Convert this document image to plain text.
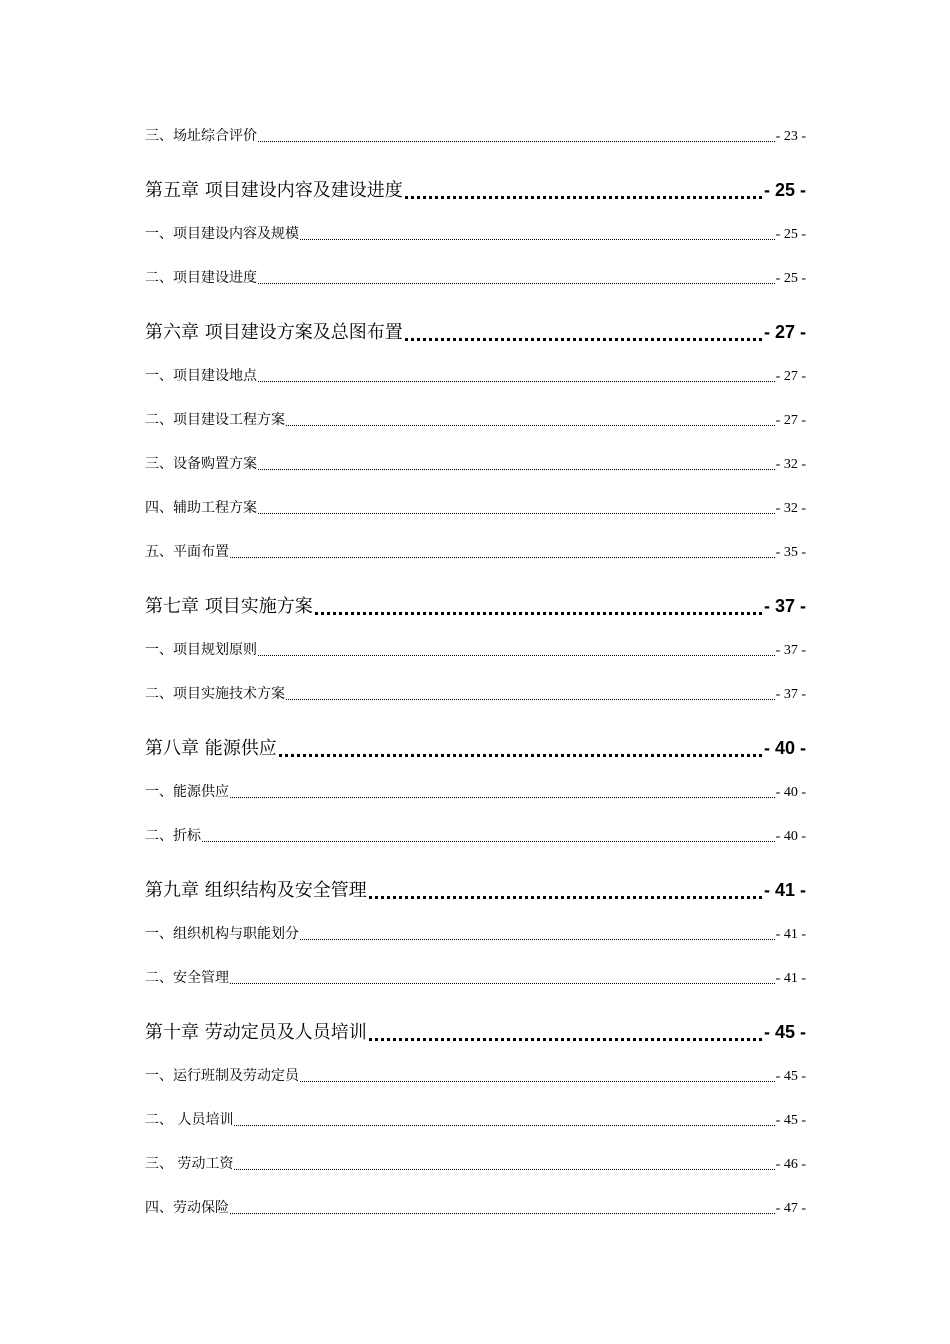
三、场址综合评价	- 23 -
第五章 项目建设内容及建设进度	- 25 -
一、项目建设内容及规模	- 25 -
二、项目建设进度	- 25 -
第六章 项目建设方案及总图布置	- 27 -
一、项目建设地点	- 27 -
二、项目建设工程方案	- 27 -
三、设备购置方案	- 32 -
四、辅助工程方案	- 32 -
五、平面布置	- 35 -
第七章 项目实施方案	- 37 -
一、项目规划原则	- 37 -
二、项目实施技术方案	- 37 -
第八章 能源供应	- 40 -
一、能源供应	- 40 -
二、折标	- 40 -
第九章 组织结构及安全管理	- 41 -
一、组织机构与职能划分	- 41 -
二、安全管理	- 41 -
第十章 劳动定员及人员培训	- 45 -
一、运行班制及劳动定员	- 45 -
二、 人员培训	- 45 -
三、 劳动工资	- 46 -
四、劳动保险	- 47 -
